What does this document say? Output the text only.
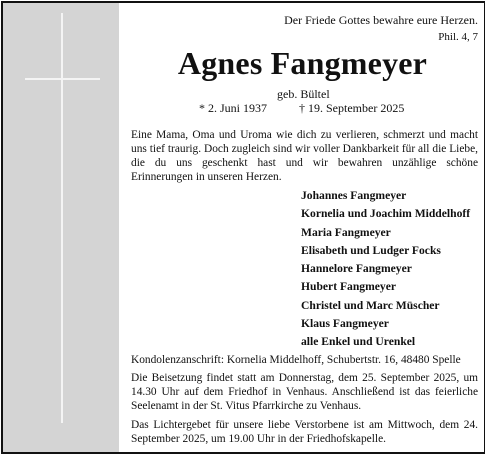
Der Friede Gottes bewahre eure Herzen.
Phil. 4, 7
Agnes Fangmeyer
geb. Bültel
* 2. Juni 1937	† 19. September 2025
Eine Mama, Oma und Uroma wie dich zu verlieren, schmerzt und macht uns tief traurig. Doch zugleich sind wir voller Dankbarkeit für all die Liebe, die du uns geschenkt hast und wir bewahren unzählige schöne Erinnerungen in unseren Herzen.
Johannes Fangmeyer
Kornelia und Joachim Middelhoff
Maria Fangmeyer
Elisabeth und Ludger Focks
Hannelore Fangmeyer
Hubert Fangmeyer
Christel und Marc Müscher
Klaus Fangmeyer
alle Enkel und Urenkel
Kondolenzanschrift: Kornelia Middelhoff, Schubertstr. 16, 48480 Spelle
Die Beisetzung findet statt am Donnerstag, dem 25. September 2025, um 14.30 Uhr auf dem Friedhof in Venhaus. Anschließend ist das feierliche Seelenamt in der St. Vitus Pfarrkirche zu Venhaus.
Das Lichtergebet für unsere liebe Verstorbene ist am Mittwoch, dem 24. September 2025, um 19.00 Uhr in der Friedhofskapelle.
